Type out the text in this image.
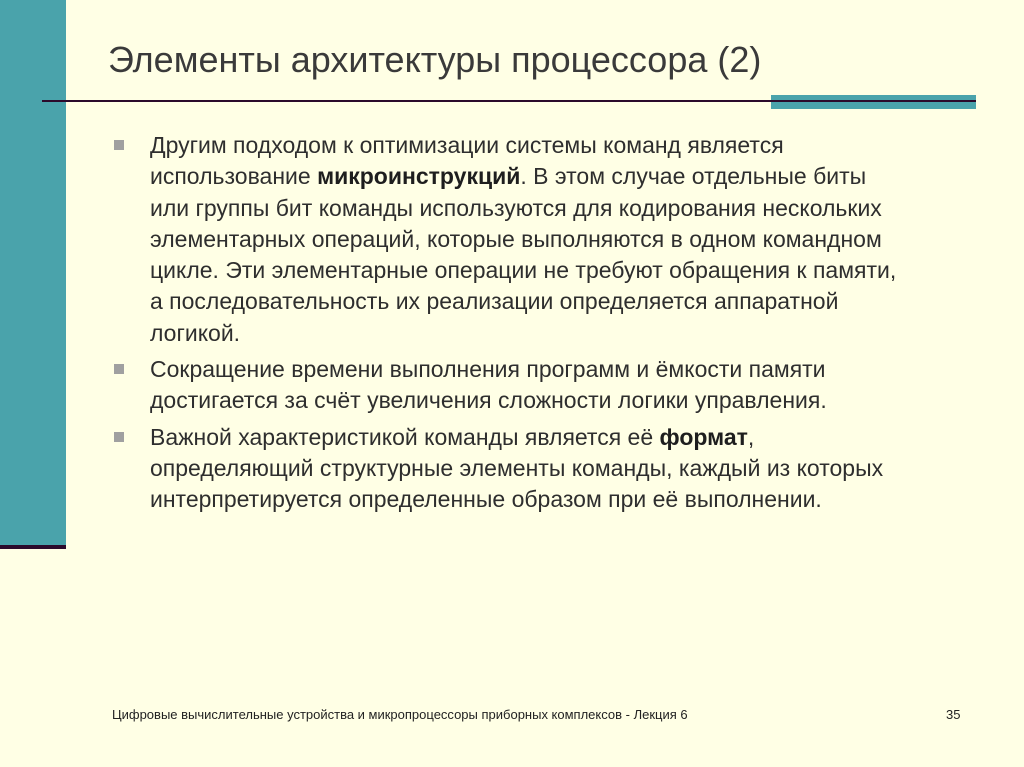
Элементы архитектуры процессора (2)
Другим подходом к оптимизации системы команд является использование микроинструкций. В этом случае отдельные биты или группы бит команды используются для кодирования нескольких элементарных операций, которые выполняются в одном командном цикле. Эти элементарные операции не требуют обращения к памяти, а последовательность их реализации определяется аппаратной логикой.
Сокращение времени выполнения программ и ёмкости памяти достигается за счёт увеличения сложности логики управления.
Важной характеристикой команды является её формат, определяющий структурные элементы команды, каждый из которых интерпретируется определенные образом при её выполнении.
Цифровые вычислительные устройства и микропроцессоры приборных комплексов - Лекция 6	35
